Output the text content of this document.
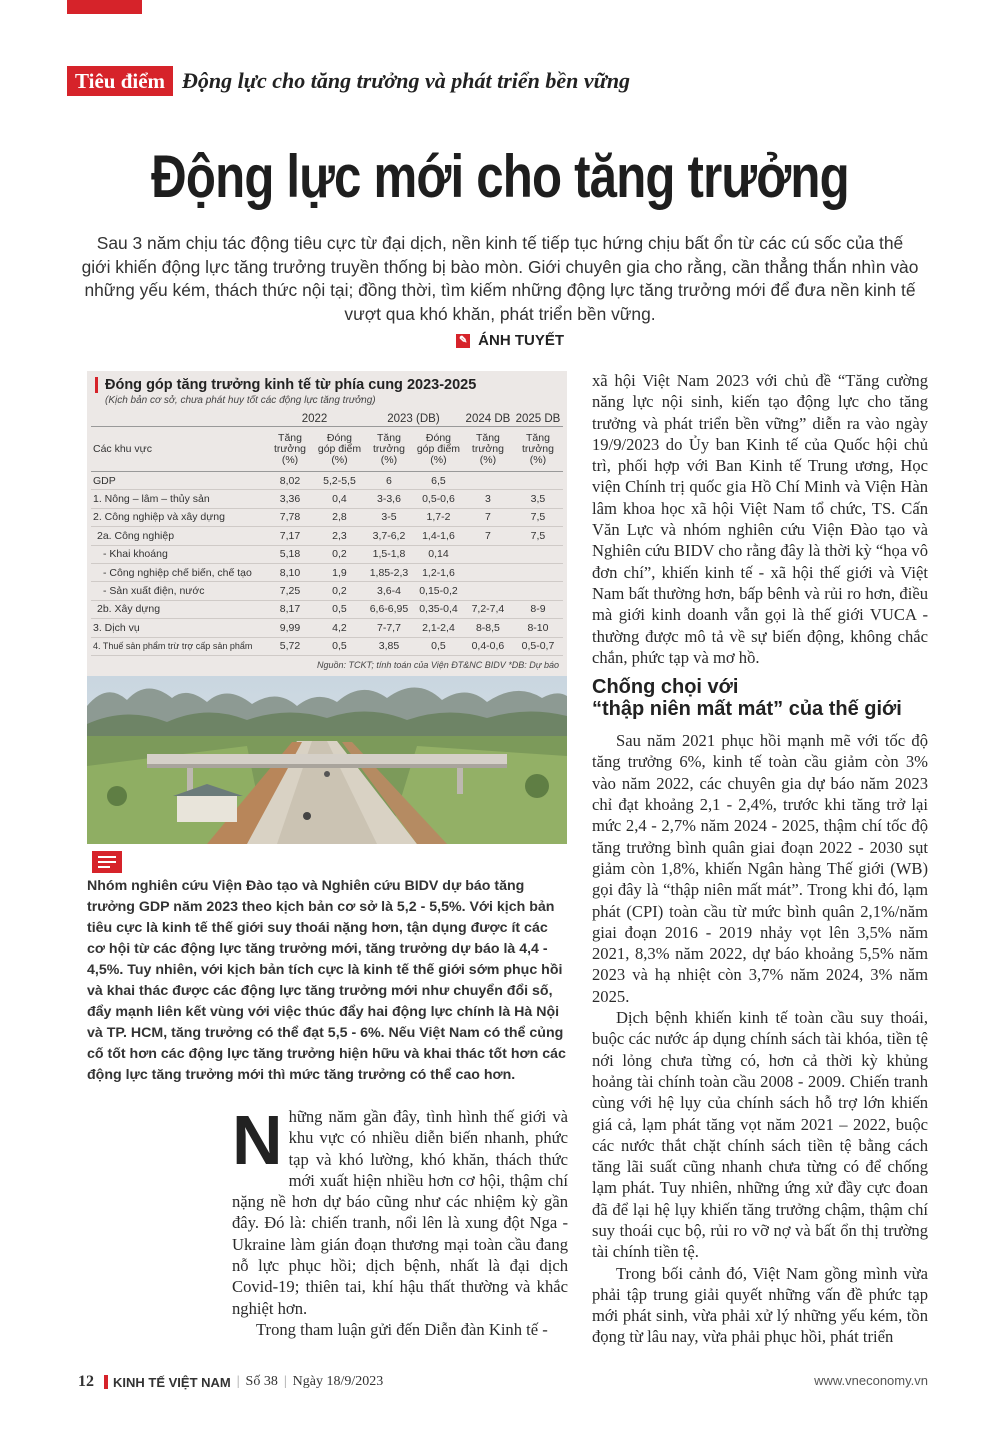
Tiêu điểm Động lực cho tăng trưởng và phát triển bền vững
Động lực mới cho tăng trưởng
Sau 3 năm chịu tác động tiêu cực từ đại dịch, nền kinh tế tiếp tục hứng chịu bất ổn từ các cú sốc của thế giới khiến động lực tăng trưởng truyền thống bị bào mòn. Giới chuyên gia cho rằng, cần thẳng thắn nhìn vào những yếu kém, thách thức nội tại; đồng thời, tìm kiếm những động lực tăng trưởng mới để đưa nền kinh tế vượt qua khó khăn, phát triển bền vững.
✎ ÁNH TUYẾT
Đóng góp tăng trưởng kinh tế từ phía cung 2023-2025
(Kịch bản cơ sở, chưa phát huy tốt các động lực tăng trưởng)
	2022		2023 (DB)		2024 DB	2025 DB
Các khu vực	Tăng trưởng (%)	Đóng góp điểm (%)	Tăng trưởng (%)	Đóng góp điểm (%)	Tăng trưởng (%)	Tăng trưởng (%)
GDP	8,02	5,2-5,5	6	6,5		
1. Nông – lâm – thủy sản	3,36	0,4	3-3,6	0,5-0,6	3	3,5
2. Công nghiệp và xây dựng	7,78	2,8	3-5	1,7-2	7	7,5
2a. Công nghiệp	7,17	2,3	3,7-6,2	1,4-1,6	7	7,5
- Khai khoáng	5,18	0,2	1,5-1,8	0,14		
- Công nghiệp chế biến, chế tạo	8,10	1,9	1,85-2,3	1,2-1,6		
- Sản xuất điện, nước	7,25	0,2	3,6-4	0,15-0,2		
2b. Xây dựng	8,17	0,5	6,6-6,95	0,35-0,4	7,2-7,4	8-9
3. Dịch vụ	9,99	4,2	7-7,7	2,1-2,4	8-8,5	8-10
4. Thuế sản phẩm trừ trợ cấp sản phẩm	5,72	0,5	3,85	0,5	0,4-0,6	0,5-0,7
Nguồn: TCKT; tính toán của Viện ĐT&NC BIDV *DB: Dự báo
Nhóm nghiên cứu Viện Đào tạo và Nghiên cứu BIDV dự báo tăng trưởng GDP năm 2023 theo kịch bản cơ sở là 5,2 - 5,5%. Với kịch bản tiêu cực là kinh tế thế giới suy thoái nặng hơn, tận dụng được ít các cơ hội từ các động lực tăng trưởng mới, tăng trưởng dự báo là 4,4 - 4,5%. Tuy nhiên, với kịch bản tích cực là kinh tế thế giới sớm phục hồi và khai thác được các động lực tăng trưởng mới như chuyển đổi số, đẩy mạnh liên kết vùng với việc thúc đẩy hai động lực chính là Hà Nội và TP. HCM, tăng trưởng có thể đạt 5,5 - 6%. Nếu Việt Nam có thể củng cố tốt hơn các động lực tăng trưởng hiện hữu và khai thác tốt hơn các động lực tăng trưởng mới thì mức tăng trưởng có thể cao hơn.

Những năm gần đây, tình hình thế giới và khu vực có nhiều diễn biến nhanh, phức tạp và khó lường, khó khăn, thách thức mới xuất hiện nhiều hơn cơ hội, thậm chí nặng nề hơn dự báo cũng như các nhiệm kỳ gần đây. Đó là: chiến tranh, nổi lên là xung đột Nga - Ukraine làm gián đoạn thương mại toàn cầu đang nỗ lực phục hồi; dịch bệnh, nhất là đại dịch Covid-19; thiên tai, khí hậu thất thường và khắc nghiệt hơn.

Trong tham luận gửi đến Diễn đàn Kinh tế -

xã hội Việt Nam 2023 với chủ đề “Tăng cường năng lực nội sinh, kiến tạo động lực cho tăng trưởng và phát triển bền vững” diễn ra vào ngày 19/9/2023 do Ủy ban Kinh tế của Quốc hội chủ trì, phối hợp với Ban Kinh tế Trung ương, Học viện Chính trị quốc gia Hồ Chí Minh và Viện Hàn lâm khoa học xã hội Việt Nam tổ chức, TS. Cấn Văn Lực và nhóm nghiên cứu Viện Đào tạo và Nghiên cứu BIDV cho rằng đây là thời kỳ “họa vô đơn chí”, khiến kinh tế - xã hội thế giới và Việt Nam bất thường hơn, bấp bênh và rủi ro hơn, điều mà giới kinh doanh vẫn gọi là thế giới VUCA - thường được mô tả về sự biến động, không chắc chắn, phức tạp và mơ hồ.

Chống chọi với
“thập niên mất mát” của thế giới

Sau năm 2021 phục hồi mạnh mẽ với tốc độ tăng trưởng 6%, kinh tế toàn cầu giảm còn 3% vào năm 2022, các chuyên gia dự báo năm 2023 chỉ đạt khoảng 2,1 - 2,4%, trước khi tăng trở lại mức 2,4 - 2,7% năm 2024 - 2025, thậm chí tốc độ tăng trưởng bình quân giai đoạn 2022 - 2030 sụt giảm còn 1,8%, khiến Ngân hàng Thế giới (WB) gọi đây là “thập niên mất mát”. Trong khi đó, lạm phát (CPI) toàn cầu từ mức bình quân 2,1%/năm giai đoạn 2016 - 2019 nhảy vọt lên 3,5% năm 2021, 8,3% năm 2022, dự báo khoảng 5,5% năm 2023 và hạ nhiệt còn 3,7% năm 2024, 3% năm 2025.

Dịch bệnh khiến kinh tế toàn cầu suy thoái, buộc các nước áp dụng chính sách tài khóa, tiền tệ nới lỏng chưa từng có, hơn cả thời kỳ khủng hoảng tài chính toàn cầu 2008 - 2009. Chiến tranh cùng với hệ lụy của chính sách hỗ trợ lớn khiến giá cả, lạm phát tăng vọt năm 2021 – 2022, buộc các nước thắt chặt chính sách tiền tệ bằng cách tăng lãi suất cũng nhanh chưa từng có để chống lạm phát. Tuy nhiên, những ứng xử đầy cực đoan đã để lại hệ lụy khiến tăng trưởng chậm, thậm chí suy thoái cục bộ, rủi ro vỡ nợ và bất ổn thị trường tài chính tiền tệ.

Trong bối cảnh đó, Việt Nam gồng mình vừa phải tập trung giải quyết những vấn đề phức tạp mới phát sinh, vừa phải xử lý những yếu kém, tồn đọng từ lâu nay, vừa phải phục hồi, phát triển

12 KINH TẾ VIỆT NAM | Số 38 | Ngày 18/9/2023	www.vneconomy.vn
